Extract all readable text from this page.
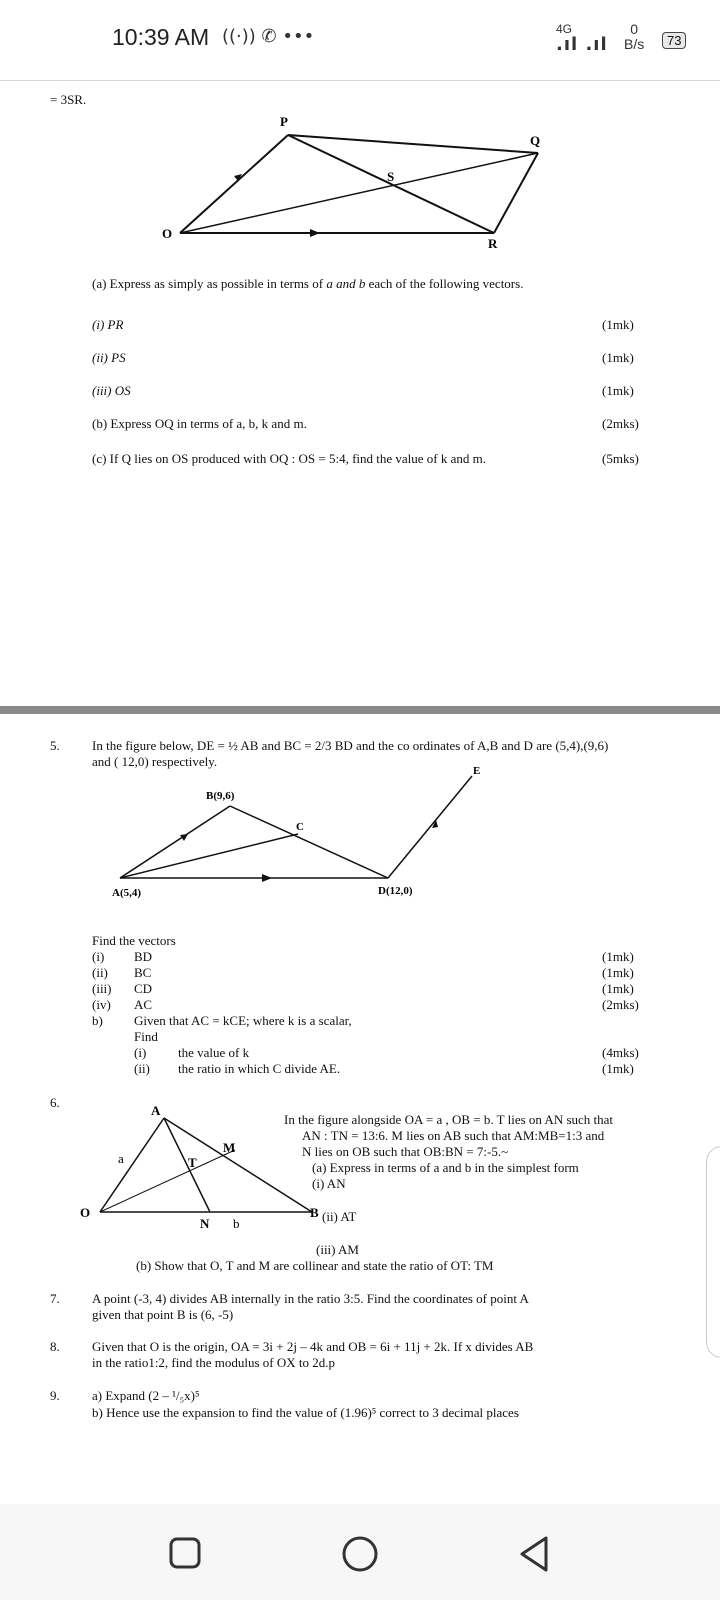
10:39 AM ((·)) ✆ •••	4G
.ıl .ıl
0
B/s	73
= 3SR.
P
Q
S
O
R
(a) Express as simply as possible in terms of a and b each of the following vectors.
(i) PR	(1mk)
(ii) PS	(1mk)
(iii) OS	(1mk)
(b) Express OQ in terms of a, b, k and m.	(2mks)
(c) If Q lies on OS produced with OQ : OS = 5:4, find the value of k and m.	(5mks)
5. In the figure below, DE = ½ AB and BC = 2/3 BD and the co ordinates of A,B and D are (5,4),(9,6)
and ( 12,0) respectively.
B(9,6)
C
A(5,4)	D(12,0)
E
Find the vectors
(i) BD	(1mk)
(ii) BC	(1mk)
(iii) CD	(1mk)
(iv) AC	(2mks)
b) Given that AC = kCE; where k is a scalar,
Find
(i) the value of k	(4mks)
(ii) the ratio in which C divide AE.	(1mk)
6.
A
M
T
a
O
N b
B
In the figure alongside OA = a , OB = b. T lies on AN such that
AN : TN = 13:6. M lies on AB such that AM:MB=1:3 and
N lies on OB such that OB:BN = 7:-5.~
(a) Express in terms of a and b in the simplest form
(i) AN
(ii) AT
(iii) AM
(b) Show that O, T and M are collinear and state the ratio of OT: TM
7. A point (-3, 4) divides AB internally in the ratio 3:5. Find the coordinates of point A
given that point B is (6, -5)
8. Given that O is the origin, OA = 3i + 2j – 4k and OB = 6i + 11j + 2k. If x divides AB
in the ratio1:2, find the modulus of OX to 2d.p
9. a) Expand (2 – ¹/₅x)⁵
b) Hence use the expansion to find the value of (1.96)⁵ correct to 3 decimal places
